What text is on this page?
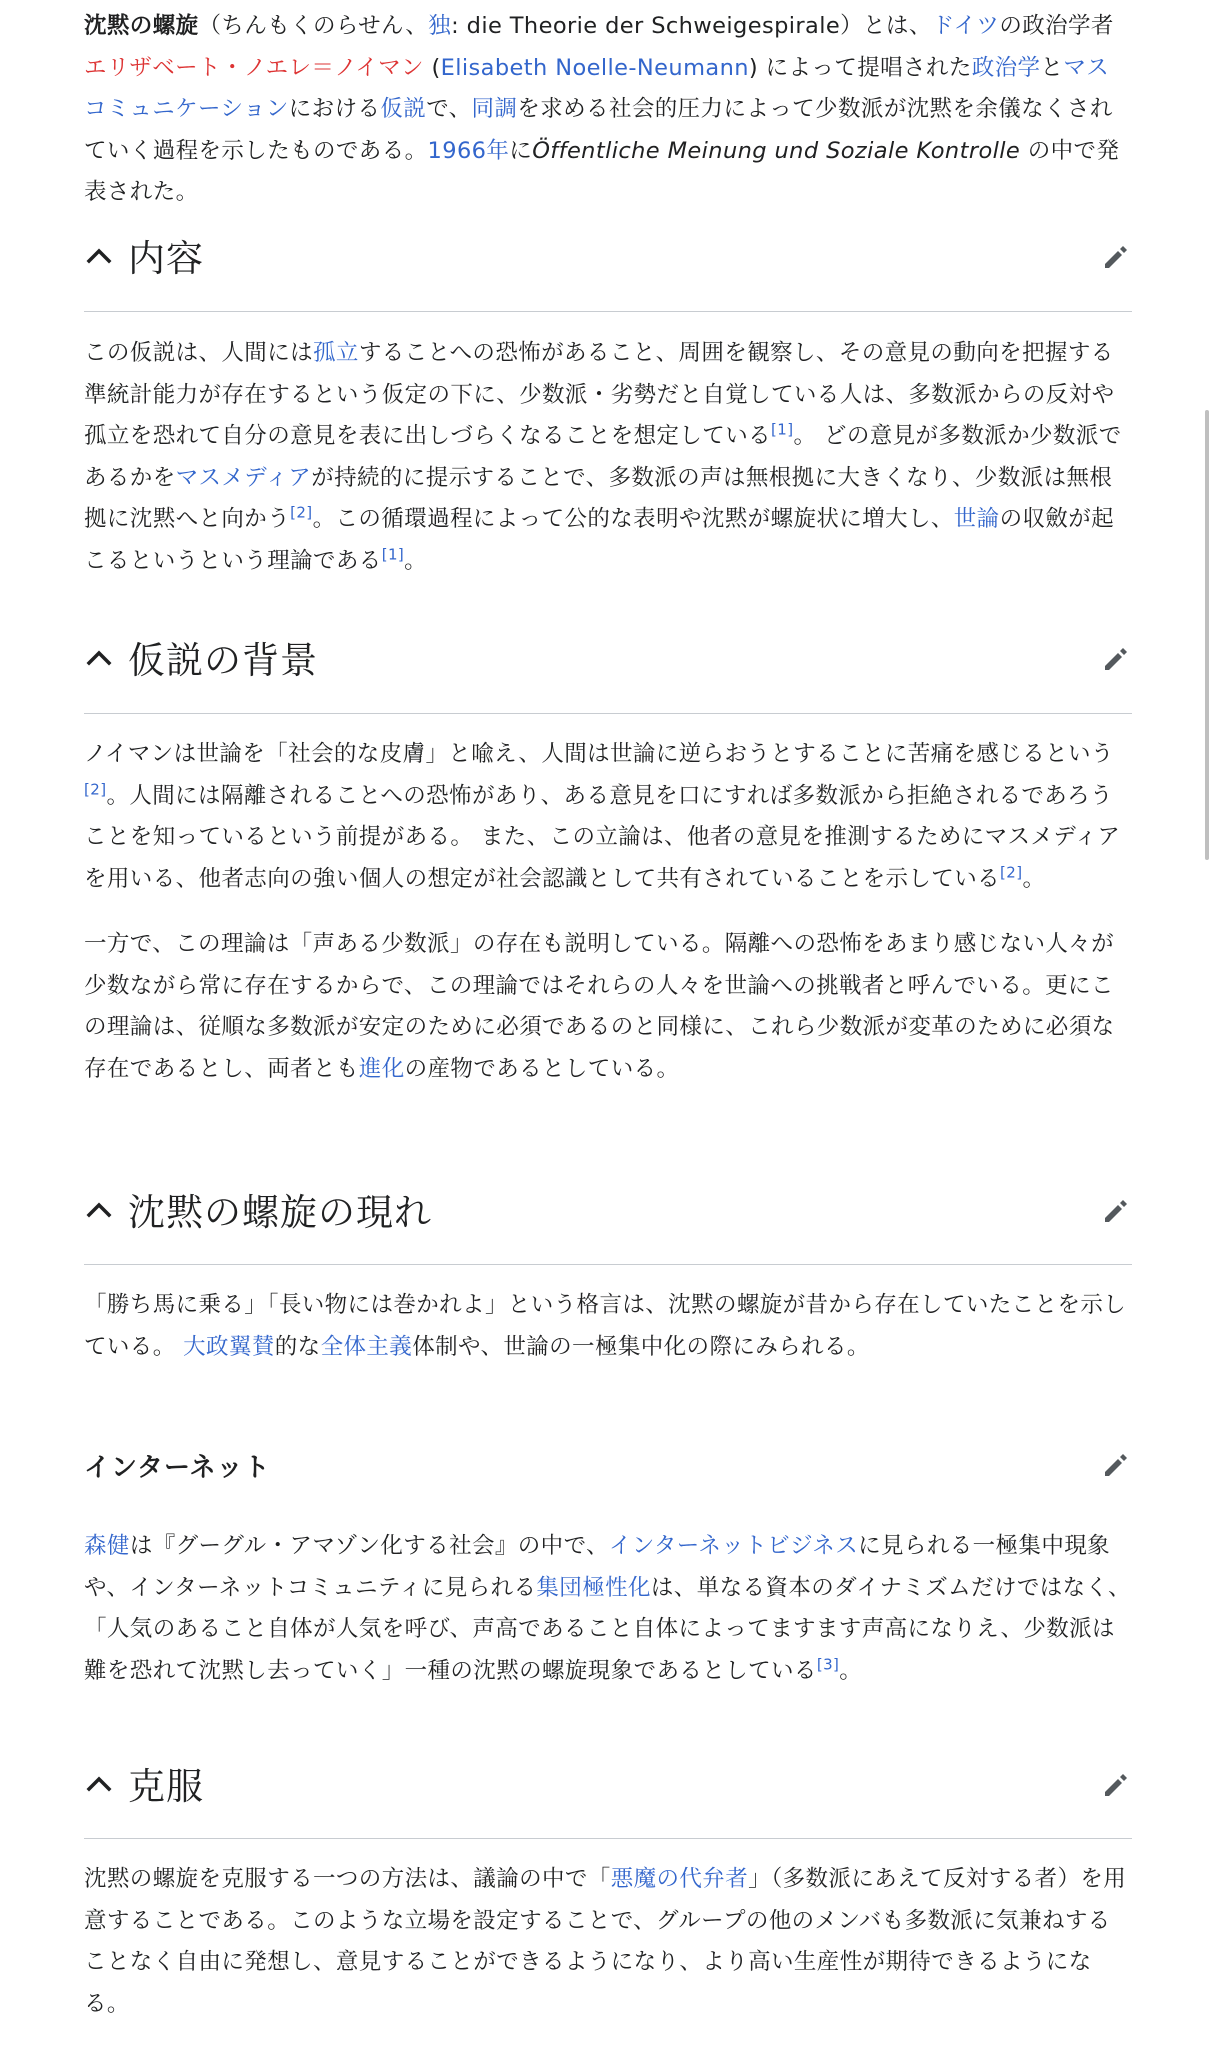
沈黙の螺旋（ちんもくのらせん、独: die Theorie der Schweigespirale）とは、ドイツの政治学者エリザベート・ノエレ＝ノイマン (Elisabeth Noelle-Neumann) によって提唱された政治学とマスコミュニケーションにおける仮説で、同調を求める社会的圧力によって少数派が沈黙を余儀なくされていく過程を示したものである。1966年にÖffentliche Meinung und Soziale Kontrolle の中で発表された。

内容

この仮説は、人間には孤立することへの恐怖があること、周囲を観察し、その意見の動向を把握する準統計能力が存在するという仮定の下に、少数派・劣勢だと自覚している人は、多数派からの反対や孤立を恐れて自分の意見を表に出しづらくなることを想定している[1]。 どの意見が多数派か少数派であるかをマスメディアが持続的に提示することで、多数派の声は無根拠に大きくなり、少数派は無根拠に沈黙へと向かう[2]。この循環過程によって公的な表明や沈黙が螺旋状に増大し、世論の収斂が起こるというという理論である[1]。

仮説の背景

ノイマンは世論を「社会的な皮膚」と喩え、人間は世論に逆らおうとすることに苦痛を感じるという[2]。人間には隔離されることへの恐怖があり、ある意見を口にすれば多数派から拒絶されるであろうことを知っているという前提がある。 また、この立論は、他者の意見を推測するためにマスメディアを用いる、他者志向の強い個人の想定が社会認識として共有されていることを示している[2]。

一方で、この理論は「声ある少数派」の存在も説明している。隔離への恐怖をあまり感じない人々が少数ながら常に存在するからで、この理論ではそれらの人々を世論への挑戦者と呼んでいる。更にこの理論は、従順な多数派が安定のために必須であるのと同様に、これら少数派が変革のために必須な存在であるとし、両者とも進化の産物であるとしている。

沈黙の螺旋の現れ

「勝ち馬に乗る」「長い物には巻かれよ」という格言は、沈黙の螺旋が昔から存在していたことを示している。 大政翼賛的な全体主義体制や、世論の一極集中化の際にみられる。

インターネット

森健は『グーグル・アマゾン化する社会』の中で、インターネットビジネスに見られる一極集中現象や、インターネットコミュニティに見られる集団極性化は、単なる資本のダイナミズムだけではなく、「人気のあること自体が人気を呼び、声高であること自体によってますます声高になりえ、少数派は難を恐れて沈黙し去っていく」一種の沈黙の螺旋現象であるとしている[3]。

克服

沈黙の螺旋を克服する一つの方法は、議論の中で「悪魔の代弁者」（多数派にあえて反対する者）を用意することである。このような立場を設定することで、グループの他のメンバも多数派に気兼ねすることなく自由に発想し、意見することができるようになり、より高い生産性が期待できるようになる。
